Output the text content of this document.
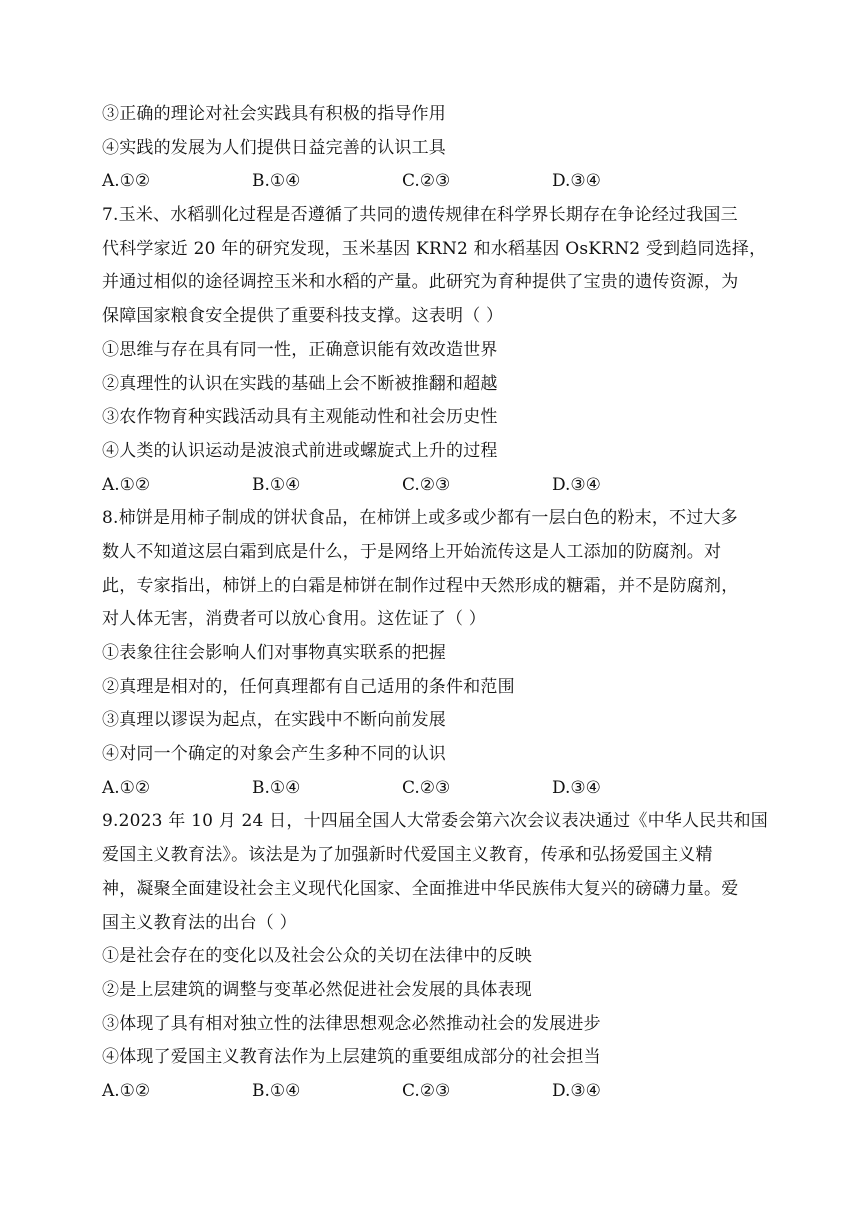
③正确的理论对社会实践具有积极的指导作用
④实践的发展为人们提供日益完善的认识工具
A.①②	B.①④	C.②③	D.③④
7.玉米、水稻驯化过程是否遵循了共同的遗传规律在科学界长期存在争论经过我国三
代科学家近 20 年的研究发现，玉米基因 KRN2 和水稻基因 OsKRN2 受到趋同选择，
并通过相似的途径调控玉米和水稻的产量。此研究为育种提供了宝贵的遗传资源，为
保障国家粮食安全提供了重要科技支撑。这表明（ ）
①思维与存在具有同一性，正确意识能有效改造世界
②真理性的认识在实践的基础上会不断被推翻和超越
③农作物育种实践活动具有主观能动性和社会历史性
④人类的认识运动是波浪式前进或螺旋式上升的过程
A.①②	B.①④	C.②③	D.③④
8.柿饼是用柿子制成的饼状食品，在柿饼上或多或少都有一层白色的粉末，不过大多
数人不知道这层白霜到底是什么，于是网络上开始流传这是人工添加的防腐剂。对
此，专家指出，柿饼上的白霜是柿饼在制作过程中天然形成的糖霜，并不是防腐剂，
对人体无害，消费者可以放心食用。这佐证了（ ）
①表象往往会影响人们对事物真实联系的把握
②真理是相对的，任何真理都有自己适用的条件和范围
③真理以谬误为起点，在实践中不断向前发展
④对同一个确定的对象会产生多种不同的认识
A.①②	B.①④	C.②③	D.③④
9.2023 年 10 月 24 日，十四届全国人大常委会第六次会议表决通过《中华人民共和国
爱国主义教育法》。该法是为了加强新时代爱国主义教育，传承和弘扬爱国主义精
神，凝聚全面建设社会主义现代化国家、全面推进中华民族伟大复兴的磅礴力量。爱
国主义教育法的出台（ ）
①是社会存在的变化以及社会公众的关切在法律中的反映
②是上层建筑的调整与变革必然促进社会发展的具体表现
③体现了具有相对独立性的法律思想观念必然推动社会的发展进步
④体现了爱国主义教育法作为上层建筑的重要组成部分的社会担当
A.①②	B.①④	C.②③	D.③④
